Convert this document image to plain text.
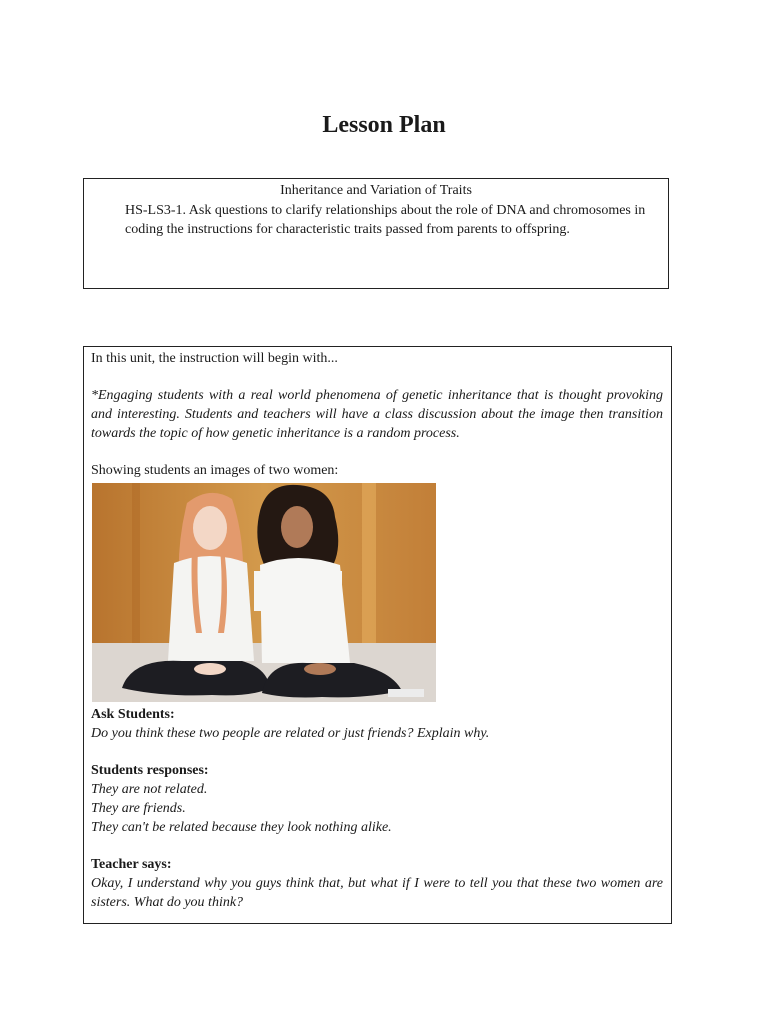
Lesson Plan
Inheritance and Variation of Traits
HS-LS3-1. Ask questions to clarify relationships about the role of DNA and chromosomes in coding the instructions for characteristic traits passed from parents to offspring.

In this unit, the instruction will begin with...

*Engaging students with a real world phenomena of genetic inheritance that is thought provoking and interesting. Students and teachers will have a class discussion about the image then transition towards the topic of how genetic inheritance is a random process.

Showing students an images of two women:

Ask Students:

Do you think these two people are related or just friends? Explain why.

Students responses:

They are not related.

They are friends.

They can't be related because they look nothing alike.

Teacher says:

Okay, I understand why you guys think that, but what if I were to tell you that these two women are sisters. What do you think?
